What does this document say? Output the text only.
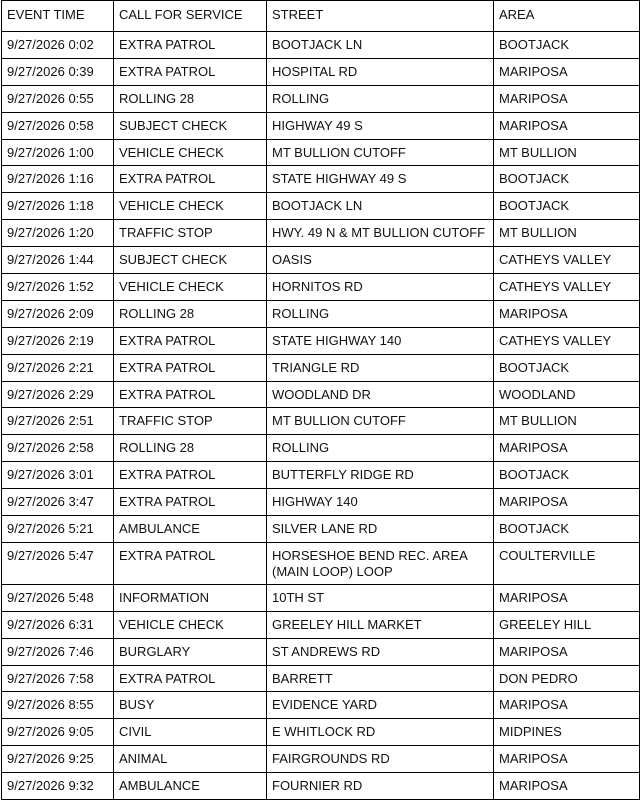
EVENT TIME	CALL FOR SERVICE	STREET	AREA
9/27/2026 0:02	EXTRA PATROL	BOOTJACK LN	BOOTJACK
9/27/2026 0:39	EXTRA PATROL	HOSPITAL RD	MARIPOSA
9/27/2026 0:55	ROLLING 28	ROLLING	MARIPOSA
9/27/2026 0:58	SUBJECT CHECK	HIGHWAY 49 S	MARIPOSA
9/27/2026 1:00	VEHICLE CHECK	MT BULLION CUTOFF	MT BULLION
9/27/2026 1:16	EXTRA PATROL	STATE HIGHWAY 49 S	BOOTJACK
9/27/2026 1:18	VEHICLE CHECK	BOOTJACK LN	BOOTJACK
9/27/2026 1:20	TRAFFIC STOP	HWY. 49 N & MT BULLION CUTOFF	MT BULLION
9/27/2026 1:44	SUBJECT CHECK	OASIS	CATHEYS VALLEY
9/27/2026 1:52	VEHICLE CHECK	HORNITOS RD	CATHEYS VALLEY
9/27/2026 2:09	ROLLING 28	ROLLING	MARIPOSA
9/27/2026 2:19	EXTRA PATROL	STATE HIGHWAY 140	CATHEYS VALLEY
9/27/2026 2:21	EXTRA PATROL	TRIANGLE RD	BOOTJACK
9/27/2026 2:29	EXTRA PATROL	WOODLAND DR	WOODLAND
9/27/2026 2:51	TRAFFIC STOP	MT BULLION CUTOFF	MT BULLION
9/27/2026 2:58	ROLLING 28	ROLLING	MARIPOSA
9/27/2026 3:01	EXTRA PATROL	BUTTERFLY RIDGE RD	BOOTJACK
9/27/2026 3:47	EXTRA PATROL	HIGHWAY 140	MARIPOSA
9/27/2026 5:21	AMBULANCE	SILVER LANE RD	BOOTJACK
9/27/2026 5:47	EXTRA PATROL	HORSESHOE BEND REC. AREA (MAIN LOOP) LOOP	COULTERVILLE
9/27/2026 5:48	INFORMATION	10TH ST	MARIPOSA
9/27/2026 6:31	VEHICLE CHECK	GREELEY HILL MARKET	GREELEY HILL
9/27/2026 7:46	BURGLARY	ST ANDREWS RD	MARIPOSA
9/27/2026 7:58	EXTRA PATROL	BARRETT	DON PEDRO
9/27/2026 8:55	BUSY	EVIDENCE YARD	MARIPOSA
9/27/2026 9:05	CIVIL	E WHITLOCK RD	MIDPINES
9/27/2026 9:25	ANIMAL	FAIRGROUNDS RD	MARIPOSA
9/27/2026 9:32	AMBULANCE	FOURNIER RD	MARIPOSA
